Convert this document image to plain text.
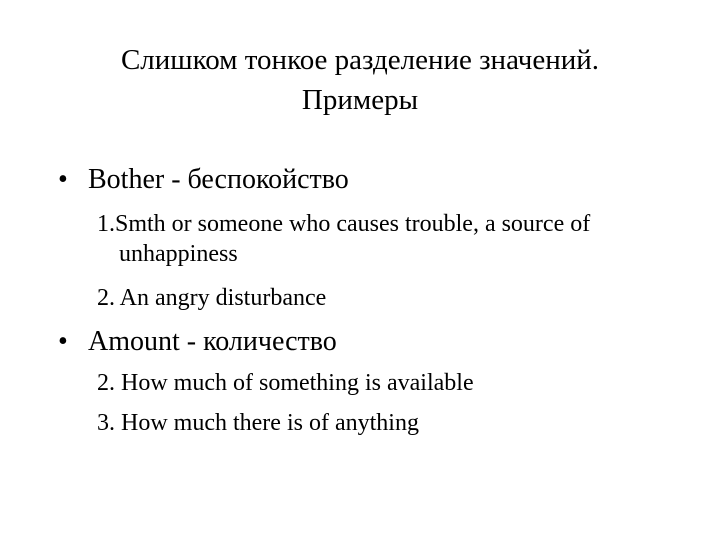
Слишком тонкое разделение значений.
Примеры
• Bother - беспокойство
1.Smth or someone who causes trouble, a source of
unhappiness
2. An angry disturbance
• Amount - количество
2. How much of something is available
3. How much there is of anything
